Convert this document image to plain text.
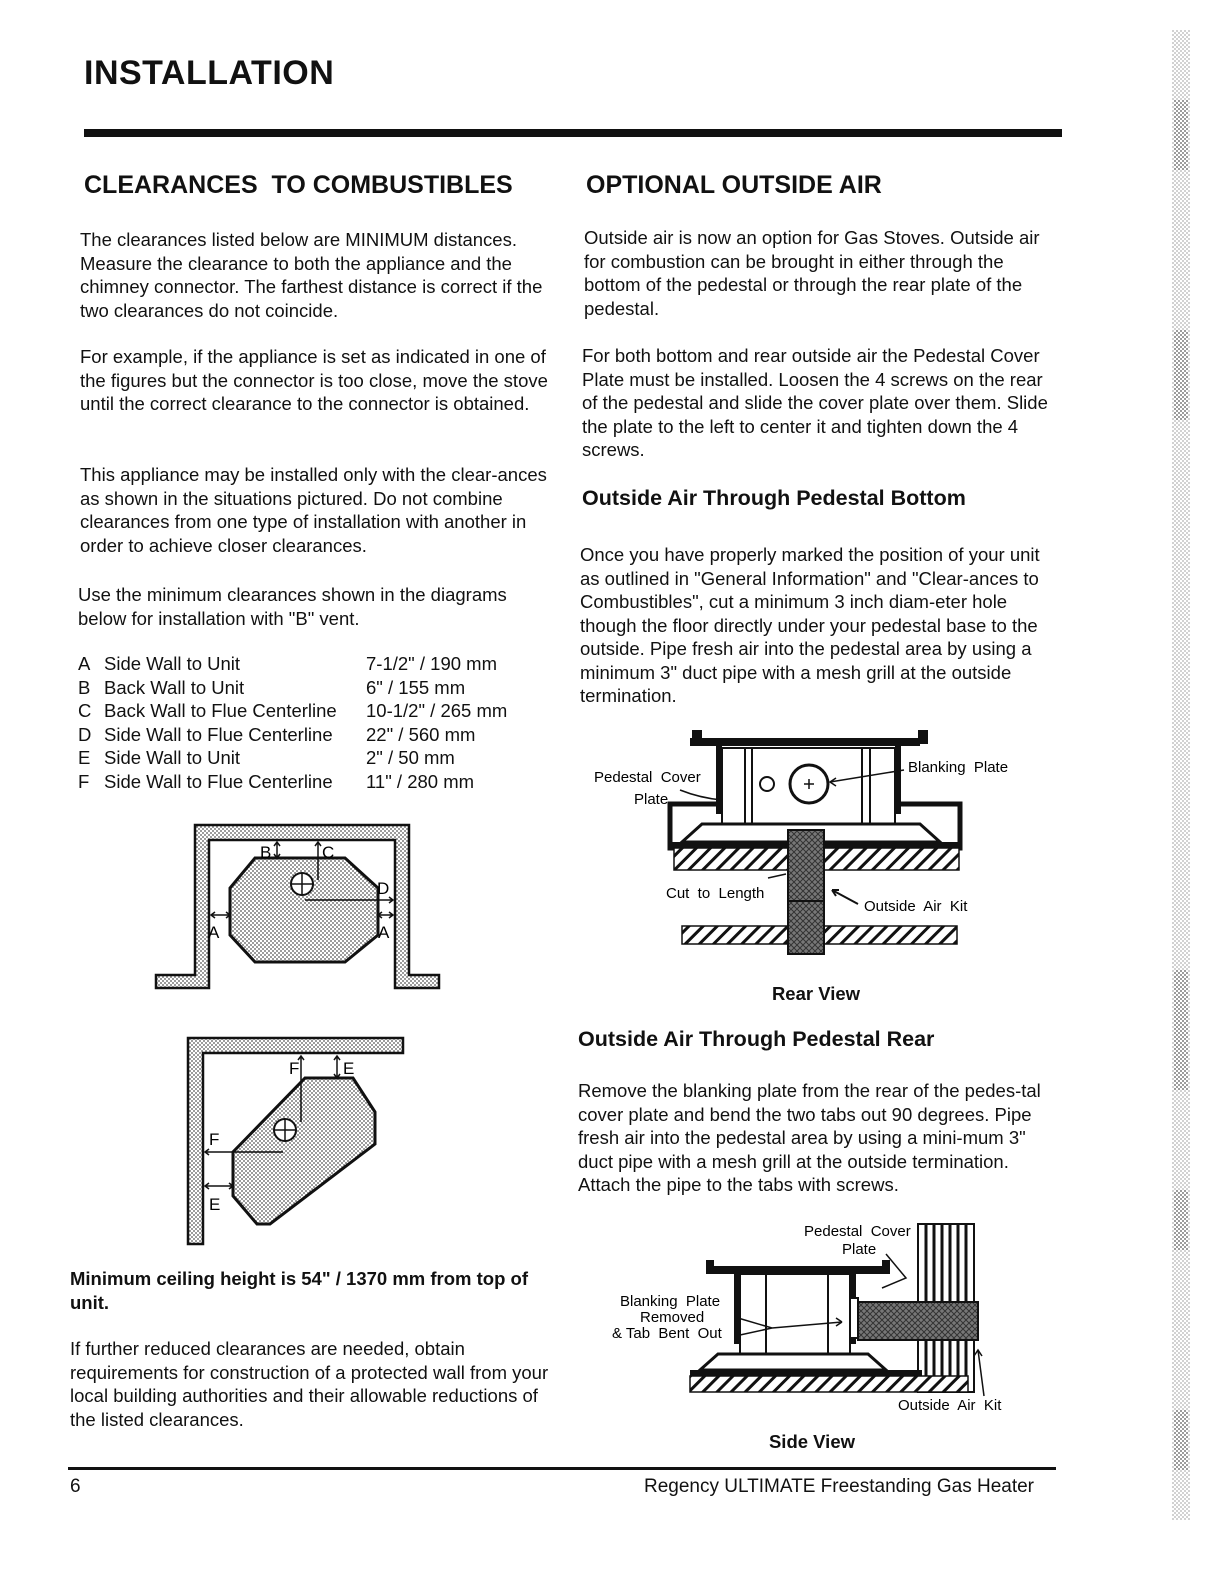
INSTALLATION
CLEARANCES  TO COMBUSTIBLES

The clearances listed below are MINIMUM distances. Measure the clearance to both the appliance and the chimney connector. The farthest distance is correct if the two clearances do not coincide.

For example, if the appliance is set as indicated in one of the figures but the connector is too close, move the stove until the correct clearance to the connector is obtained.

This appliance may be installed only with the clear-ances as shown in the situations pictured. Do not combine clearances from one type of installation with another in order to achieve closer clearances.

Use the minimum clearances shown in the diagrams below for installation with "B" vent.

A Side Wall to Unit	7-1/2" / 190 mm
B Back Wall to Unit	6" / 155 mm
C Back Wall to Flue Centerline	10-1/2" / 265 mm
D Side Wall to Flue Centerline	22" / 560 mm
E Side Wall to Unit	2" / 50 mm
F Side Wall to Flue Centerline	11" / 280 mm
B	C
D
A	A
F	E
F
E

Minimum ceiling height is 54" / 1370 mm from top of unit.

If further reduced clearances are needed, obtain requirements for construction of a protected wall from your local building authorities and their allowable reductions of the listed clearances.

OPTIONAL OUTSIDE AIR

Outside air is now an option for Gas Stoves. Outside air for combustion can be brought in either through the bottom of the pedestal or through the rear plate of the pedestal.

For both bottom and rear outside air the Pedestal Cover Plate must be installed. Loosen the 4 screws on the rear of the pedestal and slide the cover plate over them. Slide the plate to the left to center it and tighten down the 4 screws.

Outside Air Through Pedestal Bottom

Once you have properly marked the position of your unit as outlined in "General Information" and "Clear-ances to Combustibles", cut a minimum 3 inch diam-eter hole though the floor directly under your pedestal base to the outside. Pipe fresh air into the pedestal area by using a minimum 3" duct pipe with a mesh grill at the outside termination.

Pedestal  Cover
Plate
Blanking  Plate
Cut  to  Length
Outside  Air  Kit
Rear View
Outside Air Through Pedestal Rear

Remove the blanking plate from the rear of the pedes-tal cover plate and bend the two tabs out 90 degrees. Pipe fresh air into the pedestal area by using a mini-mum 3" duct pipe with a mesh grill at the outside termination. Attach the pipe to the tabs with screws.

Pedestal  Cover
Plate
Blanking  Plate
Removed
& Tab  Bent  Out
Outside  Air  Kit
Side View
6	Regency ULTIMATE Freestanding Gas Heater
